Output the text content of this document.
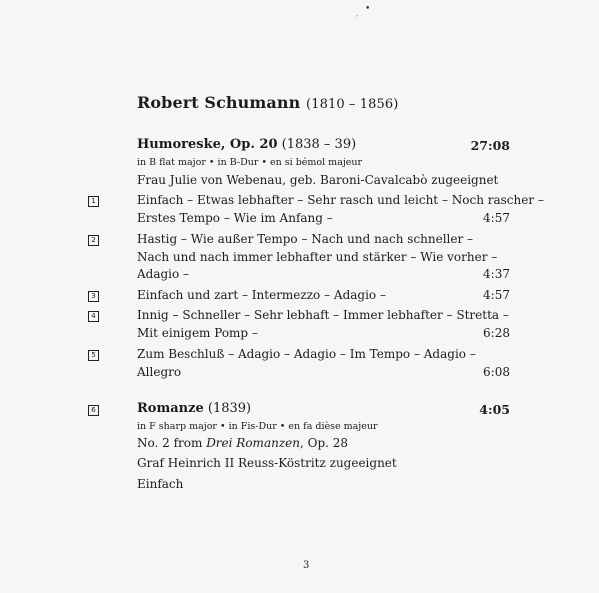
•
’
Robert Schumann (1810 – 1856)
Humoreske, Op. 20 (1838 – 39)	27:08
in B flat major • in B-Dur • en si bémol majeur
Frau Julie von Webenau, geb. Baroni-Cavalcabò zugeeignet
1	Einfach – Etwas lebhafter – Sehr rasch und leicht – Noch rascher –
Erstes Tempo – Wie im Anfang –	4:57
2	Hastig – Wie außer Tempo – Nach und nach schneller –
Nach und nach immer lebhafter und stärker – Wie vorher –
Adagio –	4:37
3	Einfach und zart – Intermezzo – Adagio –	4:57
4	Innig – Schneller – Sehr lebhaft – Immer lebhafter – Stretta –
Mit einigem Pomp –	6:28
5	Zum Beschluß – Adagio – Adagio – Im Tempo – Adagio –
Allegro	6:08
6	Romanze (1839)	4:05
in F sharp major • in Fis-Dur • en fa dièse majeur
No. 2 from Drei Romanzen, Op. 28
Graf Heinrich II Reuss-Köstritz zugeeignet
Einfach
3
